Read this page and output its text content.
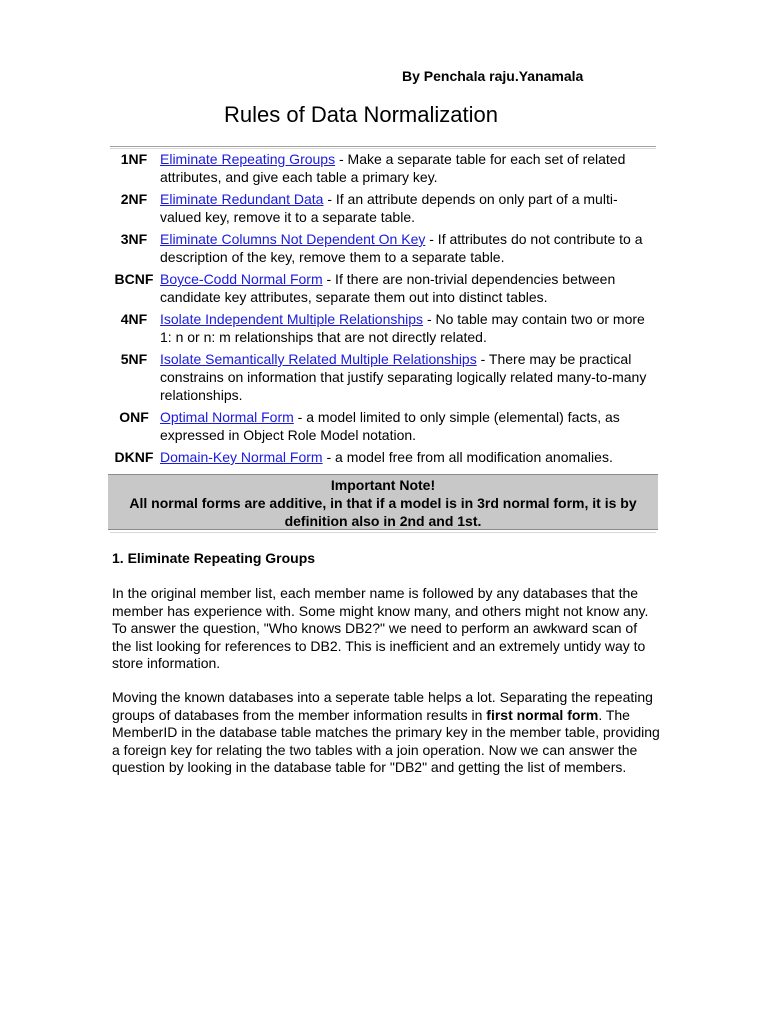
By Penchala raju.Yanamala
Rules of Data Normalization
1NF	Eliminate Repeating Groups - Make a separate table for each set of related attributes, and give each table a primary key.
2NF	Eliminate Redundant Data - If an attribute depends on only part of a multi-valued key, remove it to a separate table.
3NF	Eliminate Columns Not Dependent On Key - If attributes do not contribute to a description of the key, remove them to a separate table.
BCNF	Boyce-Codd Normal Form - If there are non-trivial dependencies between candidate key attributes, separate them out into distinct tables.
4NF	Isolate Independent Multiple Relationships - No table may contain two or more 1: n or n: m relationships that are not directly related.
5NF	Isolate Semantically Related Multiple Relationships - There may be practical constrains on information that justify separating logically related many-to-many relationships.
ONF	Optimal Normal Form - a model limited to only simple (elemental) facts, as expressed in Object Role Model notation.
DKNF	Domain-Key Normal Form - a model free from all modification anomalies.
Important Note!
All normal forms are additive, in that if a model is in 3rd normal form, it is by definition also in 2nd and 1st.
1. Eliminate Repeating Groups

In the original member list, each member name is followed by any databases that the member has experience with. Some might know many, and others might not know any. To answer the question, "Who knows DB2?" we need to perform an awkward scan of the list looking for references to DB2. This is inefficient and an extremely untidy way to store information.

Moving the known databases into a seperate table helps a lot. Separating the repeating groups of databases from the member information results in first normal form. The MemberID in the database table matches the primary key in the member table, providing a foreign key for relating the two tables with a join operation. Now we can answer the question by looking in the database table for "DB2" and getting the list of members.
